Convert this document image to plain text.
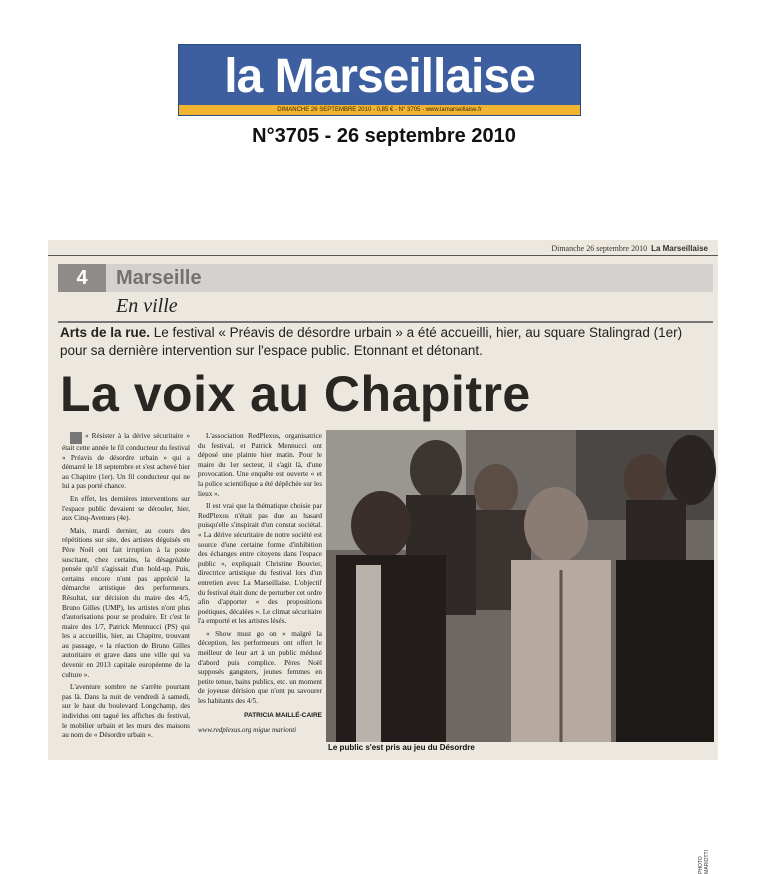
la Marseillaise
DIMANCHE 26 SEPTEMBRE 2010 - 0,85 € - N° 3705 - www.lamarseillaise.fr
N°3705 - 26 septembre 2010
Dimanche 26 septembre 2010 La Marseillaise
4	Marseille
En ville
Arts de la rue. Le festival « Préavis de désordre urbain » a été accueilli, hier, au square Stalingrad (1er) pour sa dernière intervention sur l'espace public. Etonnant et détonant.
La voix au Chapitre

« Résister à la dérive sécuritaire » était cette année le fil conducteur du festival « Préavis de désordre urbain » qui a démarré le 18 septembre et s'est achevé hier au Chapitre (1er). Un fil conducteur qui ne lui a pas porté chance.

En effet, les dernières interventions sur l'espace public devaient se dérouler, hier, aux Cinq-Avenues (4e).

Mais, mardi dernier, au cours des répétitions sur site, des artistes déguisés en Père Noël ont fait irruption à la poste suscitant, chez certains, la désagréable pensée qu'il s'agissait d'un hold-up. Puis, certains encore n'ont pas apprécié la démarche artistique des performeurs. Résultat, sur décision du maire des 4/5, Bruno Gilles (UMP), les artistes n'ont plus d'autorisations pour se produire. Et c'est le maire des 1/7, Patrick Mennucci (PS) qui les a accueillis, hier, au Chapitre, trouvant au passage, « la réaction de Bruno Gilles autoritaire et grave dans une ville qui va devenir en 2013 capitale européenne de la culture ».

L'aventure sombre ne s'arrête pourtant pas là. Dans la nuit de vendredi à samedi, sur le haut du boulevard Longchamp, des individus ont tagué les affiches du festival, le mobilier urbain et les murs des maisons au nom de « Désordre urbain ».

L'association RedPlexus, organisatrice du festival, et Patrick Mennucci ont déposé une plainte hier matin. Pour le maire du 1er secteur, il s'agit là, d'une provocation. Une enquête est ouverte « et la police scientifique a été dépêchée sur les lieux ».

Il est vrai que la thématique choisie par RedPlexus n'était pas due au hasard puisqu'elle s'inspirait d'un constat sociétal. « La dérive sécuritaire de notre société est source d'une certaine forme d'inhibition des échanges entre citoyens dans l'espace public », expliquait Christine Bouvier, directrice artistique du festival lors d'un entretien avec La Marseillaise. L'objectif du festival était donc de perturber cet ordre afin d'apporter « des propositions poétiques, décalées ». Le climat sécuritaire l'a emporté et les artistes lésés.

« Show must go on » malgré la déception, les performeurs ont offert le meilleur de leur art à un public médusé d'abord puis complice. Pères Noël supposés gangsters, jeunes femmes en petite tenue, bains publics, etc. un moment de joyeuse dérision que n'ont pu savourer les habitants des 4/5.

PATRICIA MAILLÉ-CAIRE
www.redplexus.org migue marionti
PHOTO MARIOTTI
Le public s'est pris au jeu du Désordre
